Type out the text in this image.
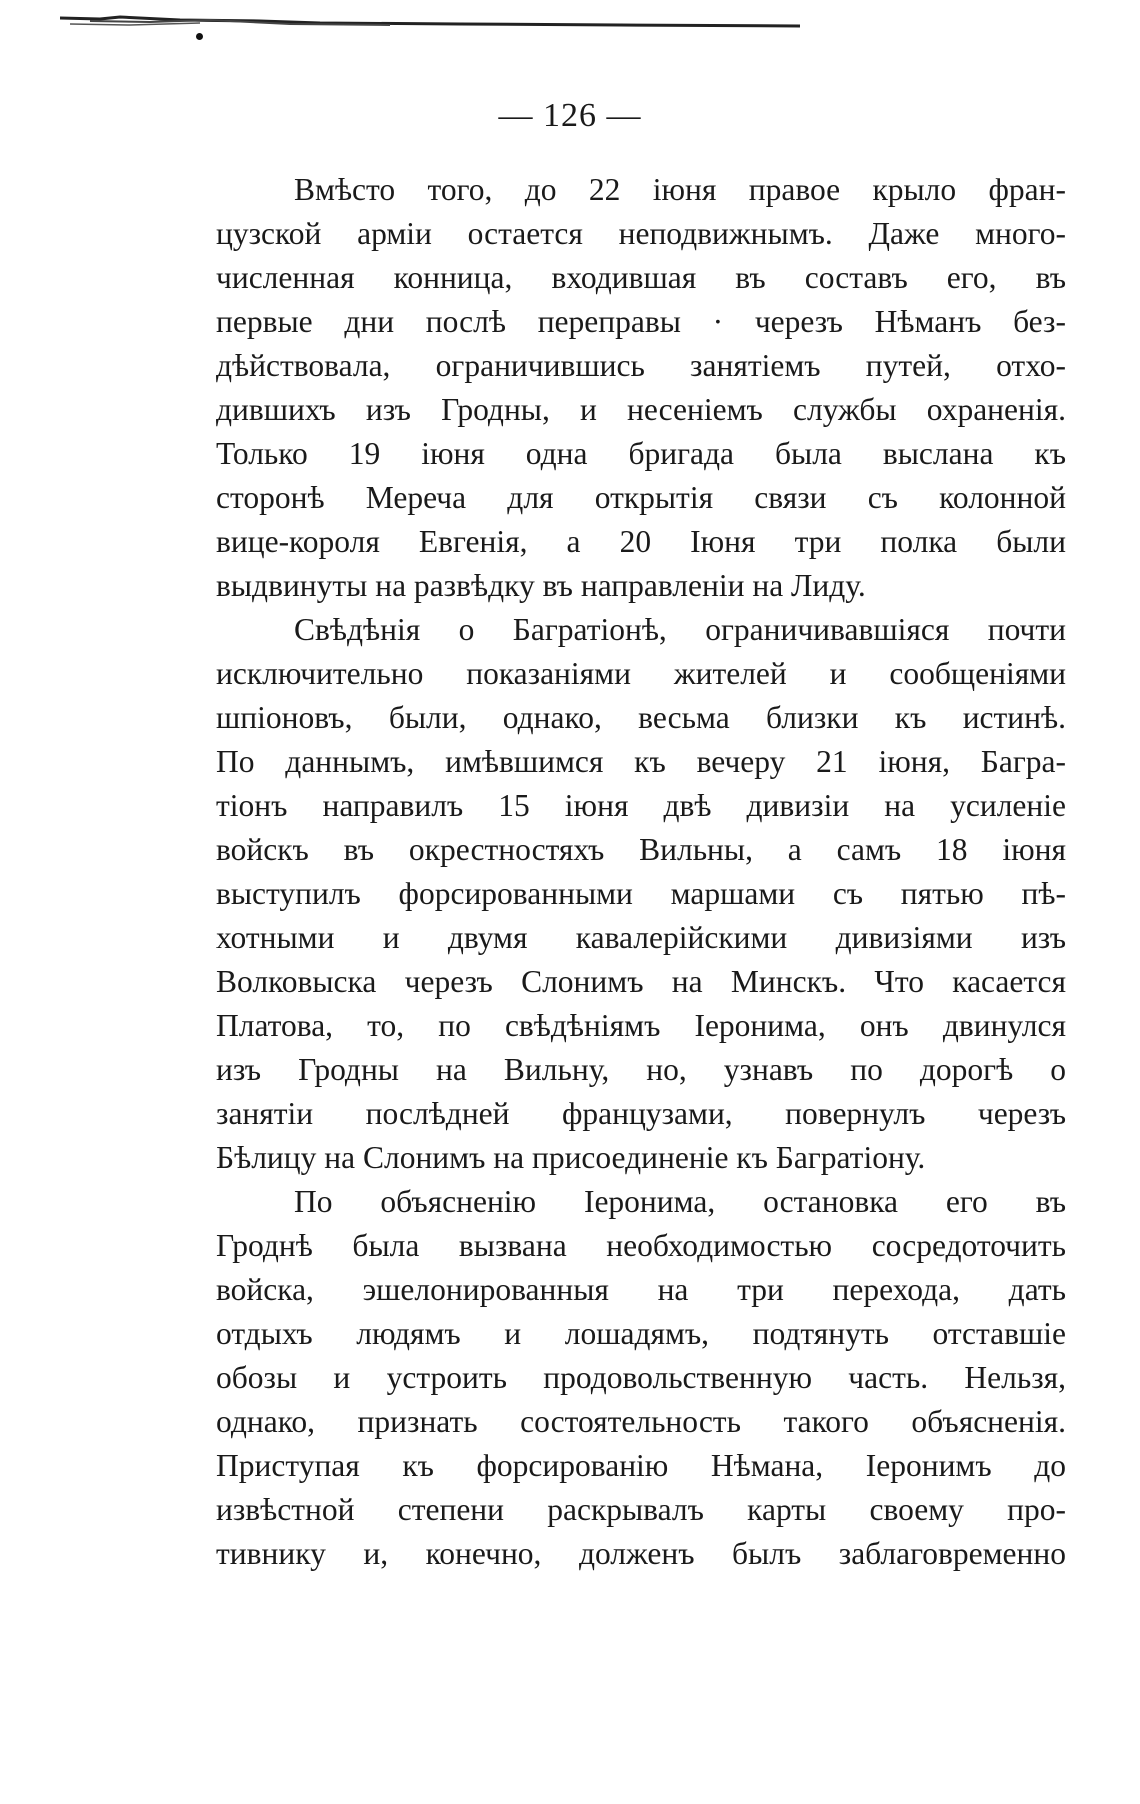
— 126 —
Вмѣсто того, до 22 іюня правое крыло фран-
цузской арміи остается неподвижнымъ. Даже много-
численная конница, входившая въ составъ его, въ
первые дни послѣ переправы · черезъ Нѣманъ без-
дѣйствовала, ограничившись занятіемъ путей, отхо-
дившихъ изъ Гродны, и несеніемъ службы охраненія.
Только 19 іюня одна бригада была выслана къ
сторонѣ Мереча для открытія связи съ колонной
вице-короля Евгенія, а 20 Іюня три полка были
выдвинуты на развѣдку въ направленіи на Лиду.
Свѣдѣнія о Багратіонѣ, ограничивавшіяся почти
исключительно показаніями жителей и сообщеніями
шпіоновъ, были, однако, весьма близки къ истинѣ.
По даннымъ, имѣвшимся къ вечеру 21 іюня, Багра-
тіонъ направилъ 15 іюня двѣ дивизіи на усиленіе
войскъ въ окрестностяхъ Вильны, а самъ 18 іюня
выступилъ форсированными маршами съ пятью пѣ-
хотными и двумя кавалерійскими дивизіями изъ
Волковыска черезъ Слонимъ на Минскъ. Что касается
Платова, то, по свѣдѣніямъ Іеронима, онъ двинулся
изъ Гродны на Вильну, но, узнавъ по дорогѣ о
занятіи послѣдней французами, повернулъ черезъ
Бѣлицу на Слонимъ на присоединеніе къ Багратіону.
По объясненію Іеронима, остановка его въ
Гроднѣ была вызвана необходимостью сосредоточить
войска, эшелонированныя на три перехода, дать
отдыхъ людямъ и лошадямъ, подтянуть отставшіе
обозы и устроить продовольственную часть. Нельзя,
однако, признать состоятельность такого объясненія.
Приступая къ форсированію Нѣмана, Іеронимъ до
извѣстной степени раскрывалъ карты своему про-
тивнику и, конечно, долженъ былъ заблаговременно
